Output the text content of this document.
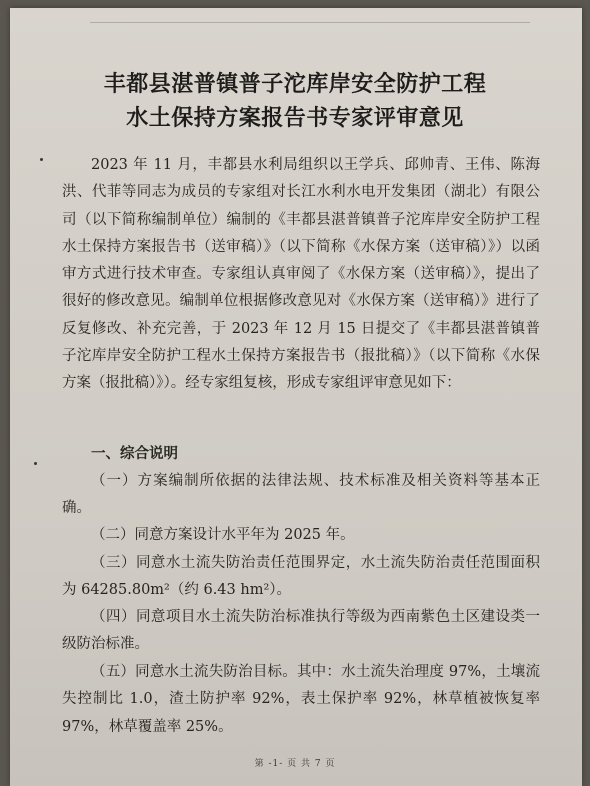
丰都县湛普镇普子沱库岸安全防护工程
水土保持方案报告书专家评审意见

2023 年 11 月，丰都县水利局组织以王学兵、邱帅青、王伟、陈海洪、代菲等同志为成员的专家组对长江水利水电开发集团（湖北）有限公司（以下简称编制单位）编制的《丰都县湛普镇普子沱库岸安全防护工程水土保持方案报告书（送审稿）》（以下简称《水保方案（送审稿）》）以函审方式进行技术审查。专家组认真审阅了《水保方案（送审稿）》，提出了很好的修改意见。编制单位根据修改意见对《水保方案（送审稿）》进行了反复修改、补充完善，于 2023 年 12 月 15 日提交了《丰都县湛普镇普子沱库岸安全防护工程水土保持方案报告书（报批稿）》（以下简称《水保方案（报批稿）》）。经专家组复核，形成专家组评审意见如下：

一、综合说明

（一）方案编制所依据的法律法规、技术标准及相关资料等基本正确。

（二）同意方案设计水平年为 2025 年。

（三）同意水土流失防治责任范围界定，水土流失防治责任范围面积为 64285.80m²（约 6.43 hm²）。

（四）同意项目水土流失防治标准执行等级为西南紫色土区建设类一级防治标准。

（五）同意水土流失防治目标。其中：水土流失治理度 97%，土壤流失控制比 1.0，渣土防护率 92%，表土保护率 92%，林草植被恢复率 97%，林草覆盖率 25%。

第 -1- 页 共 7 页
